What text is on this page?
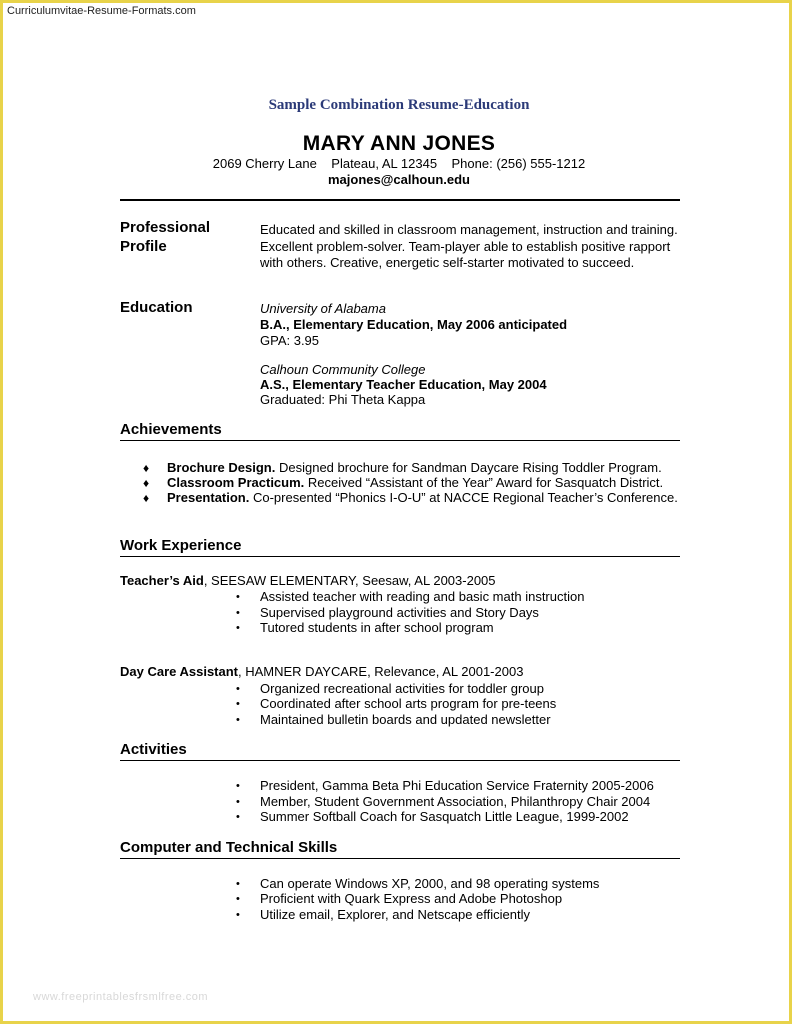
Curriculumvitae-Resume-Formats.com
Sample Combination Resume-Education
MARY ANN JONES
2069 Cherry Lane    Plateau, AL 12345    Phone: (256) 555-1212
majones@calhoun.edu
Professional
Profile
Educated and skilled in classroom management, instruction and training.
Excellent problem-solver. Team-player able to establish positive rapport
with others. Creative, energetic self-starter motivated to succeed.
Education	University of Alabama
B.A., Elementary Education, May 2006 anticipated
GPA: 3.95
Calhoun Community College
A.S., Elementary Teacher Education, May 2004
Graduated: Phi Theta Kappa
Achievements
♦ Brochure Design. Designed brochure for Sandman Daycare Rising Toddler Program.
♦ Classroom Practicum. Received “Assistant of the Year” Award for Sasquatch District.
♦ Presentation. Co-presented “Phonics I-O-U” at NACCE Regional Teacher’s Conference.
Work Experience
Teacher’s Aid, SEESAW ELEMENTARY, Seesaw, AL 2003-2005
• Assisted teacher with reading and basic math instruction
• Supervised playground activities and Story Days
• Tutored students in after school program
Day Care Assistant, HAMNER DAYCARE, Relevance, AL 2001-2003
• Organized recreational activities for toddler group
• Coordinated after school arts program for pre-teens
• Maintained bulletin boards and updated newsletter
Activities
• President, Gamma Beta Phi Education Service Fraternity 2005-2006
• Member, Student Government Association, Philanthropy Chair 2004
• Summer Softball Coach for Sasquatch Little League, 1999-2002
Computer and Technical Skills
• Can operate Windows XP, 2000, and 98 operating systems
• Proficient with Quark Express and Adobe Photoshop
• Utilize email, Explorer, and Netscape efficiently
www.freeprintablesfrsmlfree.com
